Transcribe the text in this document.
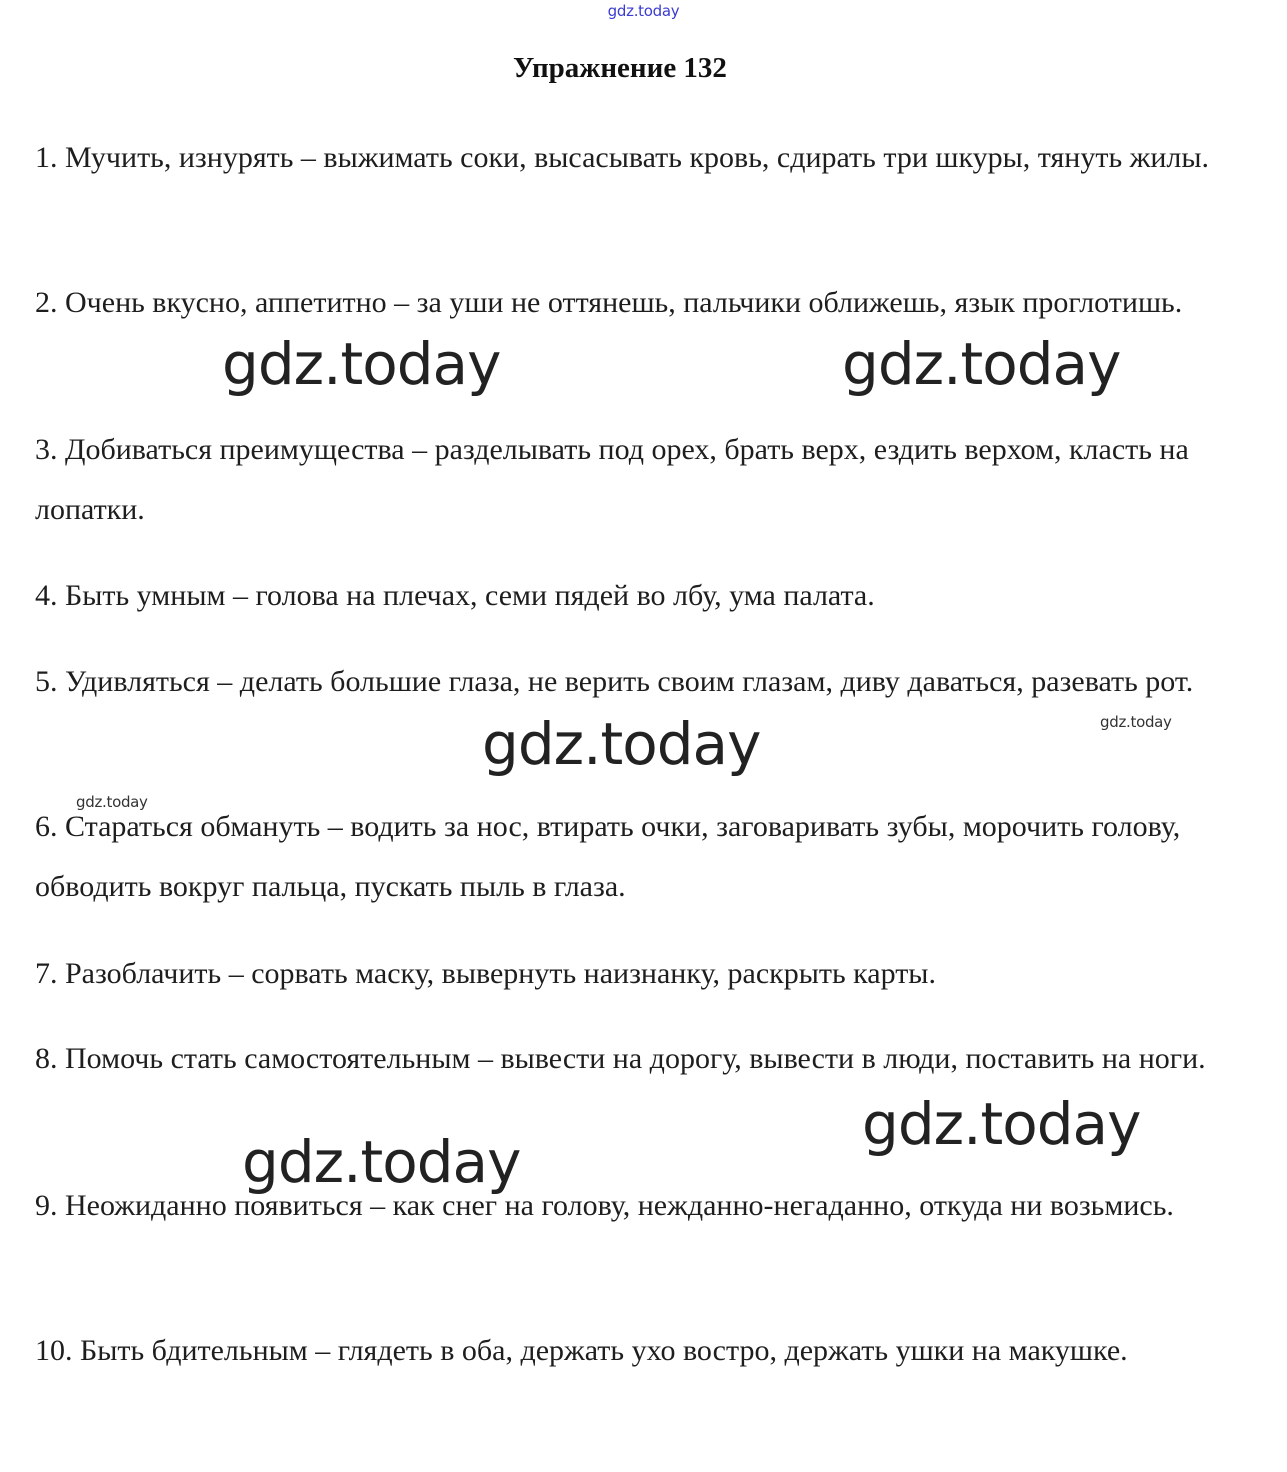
gdz.today
Упражнение 132
1. Мучить, изнурять – выжимать соки, высасывать кровь, сдирать три шкуры, тянуть жилы.
2. Очень вкусно, аппетитно – за уши не оттянешь, пальчики оближешь, язык проглотишь.
3. Добиваться преимущества – разделывать под орех, брать верх, ездить верхом, класть на лопатки.
4. Быть умным – голова на плечах, семи пядей во лбу, ума палата.
5. Удивляться – делать большие глаза, не верить своим глазам, диву даваться, разевать рот.
6. Стараться обмануть – водить за нос, втирать очки, заговаривать зубы, морочить голову, обводить вокруг пальца, пускать пыль в глаза.
7. Разоблачить – сорвать маску, вывернуть наизнанку, раскрыть карты.
8. Помочь стать самостоятельным – вывести на дорогу, вывести в люди, поставить на ноги.
9. Неожиданно появиться – как снег на голову, нежданно-негаданно, откуда ни возьмись.
10. Быть бдительным – глядеть в оба, держать ухо востро, держать ушки на макушке.
gdz.today	gdz.today
gdz.today
gdz.today
gdz.today
gdz.today
gdz.today
